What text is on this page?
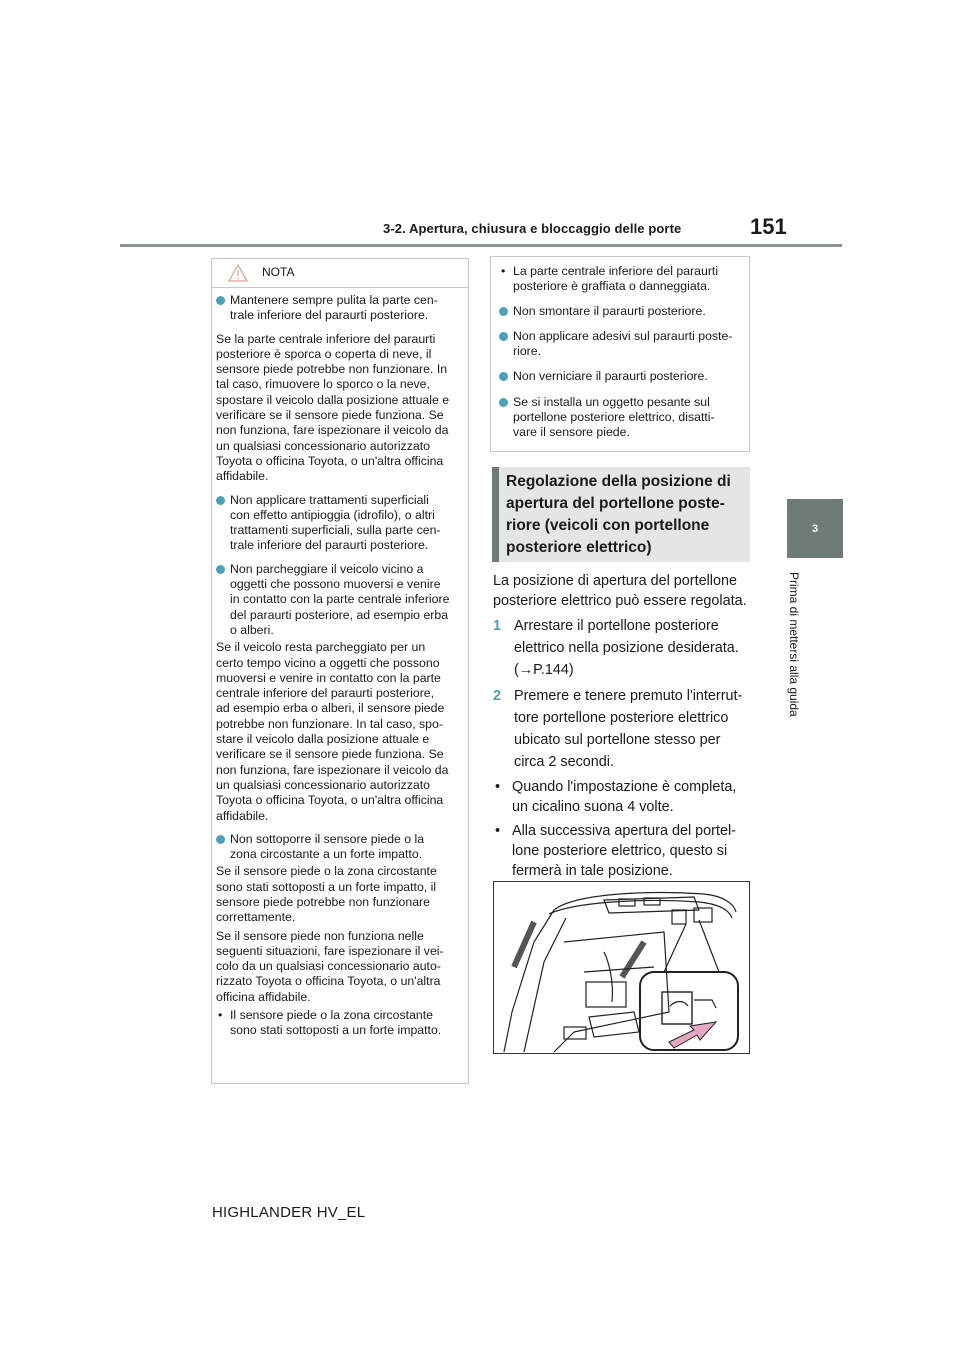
3-2. Apertura, chiusura e bloccaggio delle porte	151
3
Prima di mettersi alla guida
NOTA
Mantenere sempre pulita la parte cen-
trale inferiore del paraurti posteriore.
Se la parte centrale inferiore del paraurti
posteriore è sporca o coperta di neve, il
sensore piede potrebbe non funzionare. In
tal caso, rimuovere lo sporco o la neve,
spostare il veicolo dalla posizione attuale e
verificare se il sensore piede funziona. Se
non funziona, fare ispezionare il veicolo da
un qualsiasi concessionario autorizzato
Toyota o officina Toyota, o un'altra officina
affidabile.
Non applicare trattamenti superficiali
con effetto antipioggia (idrofilo), o altri
trattamenti superficiali, sulla parte cen-
trale inferiore del paraurti posteriore.
Non parcheggiare il veicolo vicino a
oggetti che possono muoversi e venire
in contatto con la parte centrale inferiore
del paraurti posteriore, ad esempio erba
o alberi.
Se il veicolo resta parcheggiato per un
certo tempo vicino a oggetti che possono
muoversi e venire in contatto con la parte
centrale inferiore del paraurti posteriore,
ad esempio erba o alberi, il sensore piede
potrebbe non funzionare. In tal caso, spo-
stare il veicolo dalla posizione attuale e
verificare se il sensore piede funziona. Se
non funziona, fare ispezionare il veicolo da
un qualsiasi concessionario autorizzato
Toyota o officina Toyota, o un'altra officina
affidabile.
Non sottoporre il sensore piede o la
zona circostante a un forte impatto.
Se il sensore piede o la zona circostante
sono stati sottoposti a un forte impatto, il
sensore piede potrebbe non funzionare
correttamente.
Se il sensore piede non funziona nelle
seguenti situazioni, fare ispezionare il vei-
colo da un qualsiasi concessionario auto-
rizzato Toyota o officina Toyota, o un'altra
officina affidabile.
• Il sensore piede o la zona circostante
sono stati sottoposti a un forte impatto.
• La parte centrale inferiore del paraurti
posteriore è graffiata o danneggiata.
Non smontare il paraurti posteriore.
Non applicare adesivi sul paraurti poste-
riore.
Non verniciare il paraurti posteriore.
Se si installa un oggetto pesante sul
portellone posteriore elettrico, disatti-
vare il sensore piede.
Regolazione della posizione di
apertura del portellone poste-
riore (veicoli con portellone
posteriore elettrico)
La posizione di apertura del portellone
posteriore elettrico può essere regolata.
1 Arrestare il portellone posteriore
elettrico nella posizione desiderata.
(→P.144)
2 Premere e tenere premuto l'interrut-
tore portellone posteriore elettrico
ubicato sul portellone stesso per
circa 2 secondi.
• Quando l'impostazione è completa,
un cicalino suona 4 volte.
• Alla successiva apertura del portel-
lone posteriore elettrico, questo si
fermerà in tale posizione.
HIGHLANDER HV_EL
